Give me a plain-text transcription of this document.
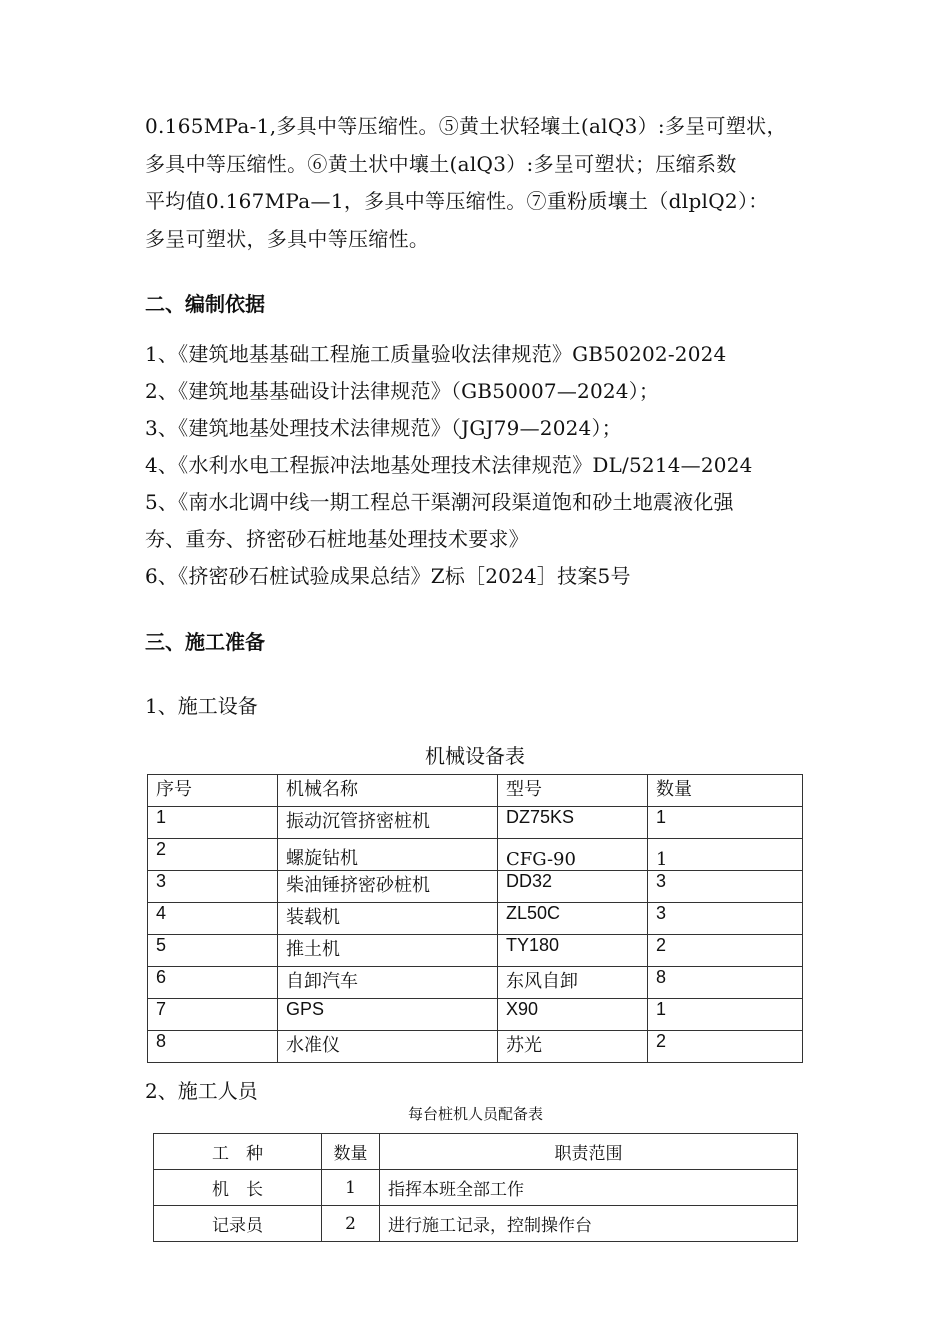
0.165MPa-1,多具中等压缩性。⑤黄土状轻壤土(alQ3）:多呈可塑状，
多具中等压缩性。⑥黄土状中壤土(alQ3）:多呈可塑状；压缩系数
平均值0.167MPa—1，多具中等压缩性。⑦重粉质壤土（dlplQ2）：
多呈可塑状，多具中等压缩性。
二、编制依据
1、《建筑地基基础工程施工质量验收法律规范》GB50202-2024
2、《建筑地基基础设计法律规范》（GB50007—2024）；
3、《建筑地基处理技术法律规范》（JGJ79—2024）；
4、《水利水电工程振冲法地基处理技术法律规范》DL/5214—2024
5、《南水北调中线一期工程总干渠潮河段渠道饱和砂土地震液化强
夯、重夯、挤密砂石桩地基处理技术要求》
6、《挤密砂石桩试验成果总结》Z标［2024］技案5号
三、施工准备
1、施工设备
机械设备表
序号	机械名称	型号	数量
1	振动沉管挤密桩机	DZ75KS	1
2	螺旋钻机	CFG-90	1
3	柴油锤挤密砂桩机	DD32	3
4	装载机	ZL50C	3
5	推土机	TY180	2
6	自卸汽车	东风自卸	8
7	GPS	X90	1
8	水准仪	苏光	2
2、施工人员
每台桩机人员配备表
工　种	数量	职责范围
机　长	1	指挥本班全部工作
记录员	2	进行施工记录，控制操作台
